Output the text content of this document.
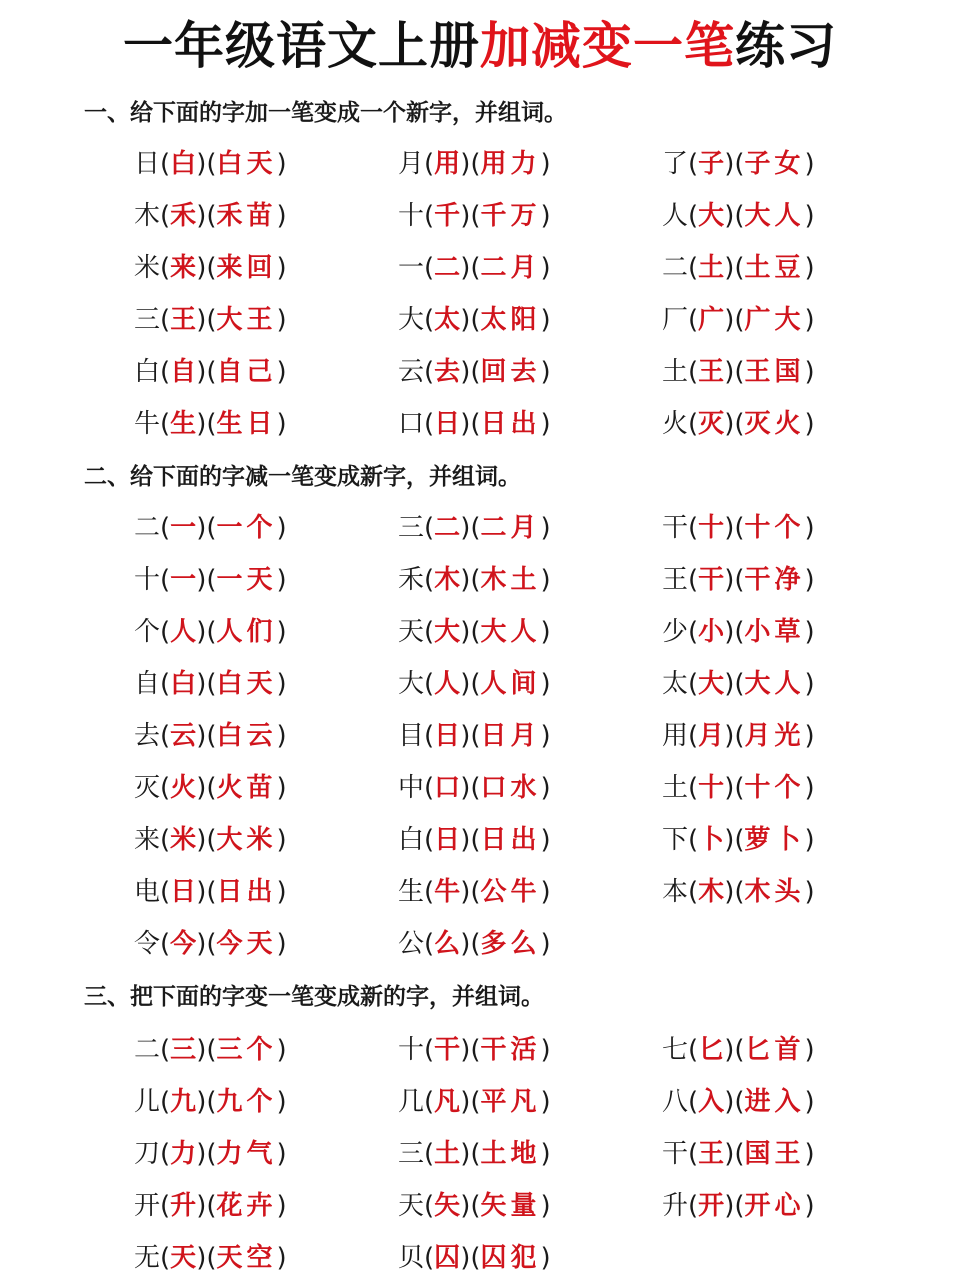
一年级语文上册加减变一笔练习
一、给下面的字加一笔变成一个新字，并组词。
日(白)(白天)	月(用)(用力)	了(子)(子女)
木(禾)(禾苗)	十(千)(千万)	人(大)(大人)
米(来)(来回)	一(二)(二月)	二(土)(土豆)
三(王)(大王)	大(太)(太阳)	厂(广)(广大)
白(自)(自己)	云(去)(回去)	土(王)(王国)
牛(生)(生日)	口(日)(日出)	火(灭)(灭火)
二、给下面的字减一笔变成新字，并组词。
二(一)(一个)	三(二)(二月)	干(十)(十个)
十(一)(一天)	禾(木)(木土)	王(干)(干净)
个(人)(人们)	天(大)(大人)	少(小)(小草)
自(白)(白天)	大(人)(人间)	太(大)(大人)
去(云)(白云)	目(日)(日月)	用(月)(月光)
灭(火)(火苗)	中(口)(口水)	土(十)(十个)
来(米)(大米)	白(日)(日出)	下(卜)(萝卜)
电(日)(日出)	生(牛)(公牛)	本(木)(木头)
令(今)(今天)	公(么)(多么)
三、把下面的字变一笔变成新的字，并组词。
二(三)(三个)	十(干)(干活)	七(匕)(匕首)
儿(九)(九个)	几(凡)(平凡)	八(入)(进入)
刀(力)(力气)	三(土)(土地)	干(王)(国王)
开(升)(花卉)	天(矢)(矢量)	升(开)(开心)
无(天)(天空)	贝(囚)(囚犯)
